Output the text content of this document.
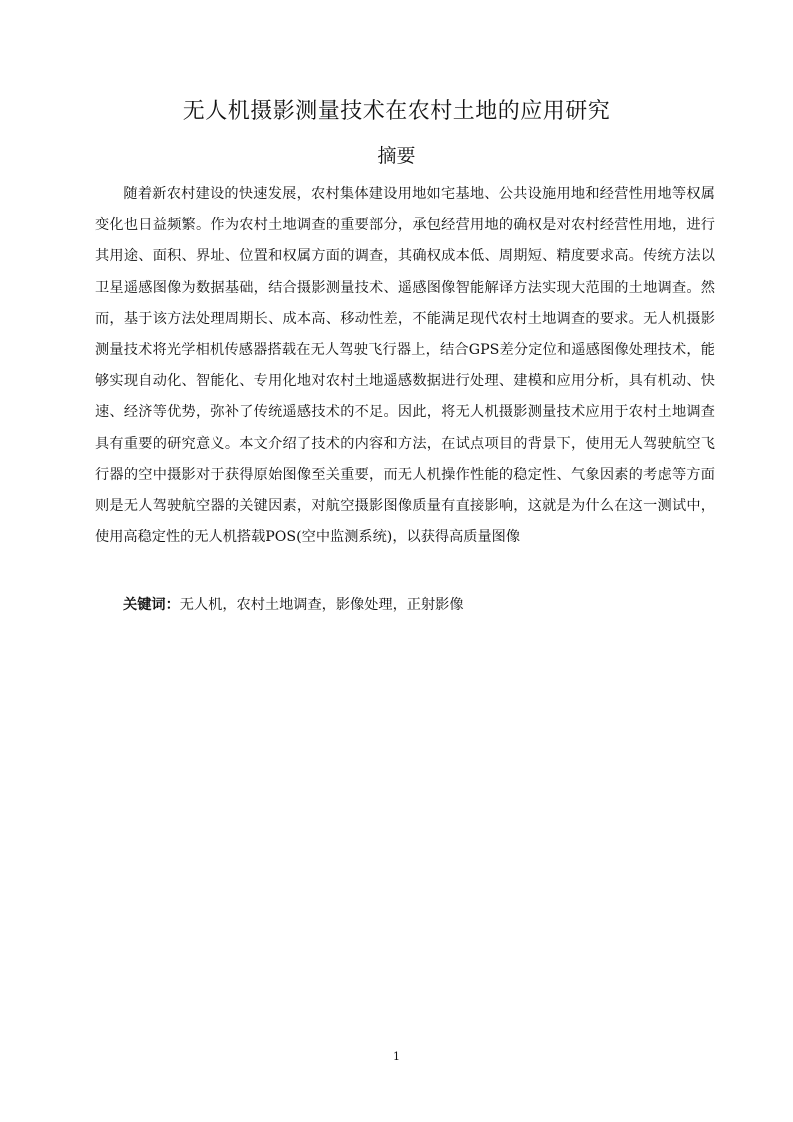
无人机摄影测量技术在农村土地的应用研究
摘要

随着新农村建设的快速发展，农村集体建设用地如宅基地、公共设施用地和经营性用地等权属变化也日益频繁。作为农村土地调查的重要部分，承包经营用地的确权是对农村经营性用地，进行其用途、面积、界址、位置和权属方面的调查，其确权成本低、周期短、精度要求高。传统方法以卫星遥感图像为数据基础，结合摄影测量技术、遥感图像智能解译方法实现大范围的土地调查。然而，基于该方法处理周期长、成本高、移动性差，不能满足现代农村土地调查的要求。无人机摄影测量技术将光学相机传感器搭载在无人驾驶飞行器上，结合GPS差分定位和遥感图像处理技术，能够实现自动化、智能化、专用化地对农村土地遥感数据进行处理、建模和应用分析，具有机动、快速、经济等优势，弥补了传统遥感技术的不足。因此，将无人机摄影测量技术应用于农村土地调查具有重要的研究意义。本文介绍了技术的内容和方法，在试点项目的背景下，使用无人驾驶航空飞行器的空中摄影对于获得原始图像至关重要，而无人机操作性能的稳定性、气象因素的考虑等方面则是无人驾驶航空器的关键因素，对航空摄影图像质量有直接影响，这就是为什么在这一测试中，使用高稳定性的无人机搭载POS(空中监测系统)，以获得高质量图像

关键词：无人机，农村土地调查，影像处理，正射影像
1
